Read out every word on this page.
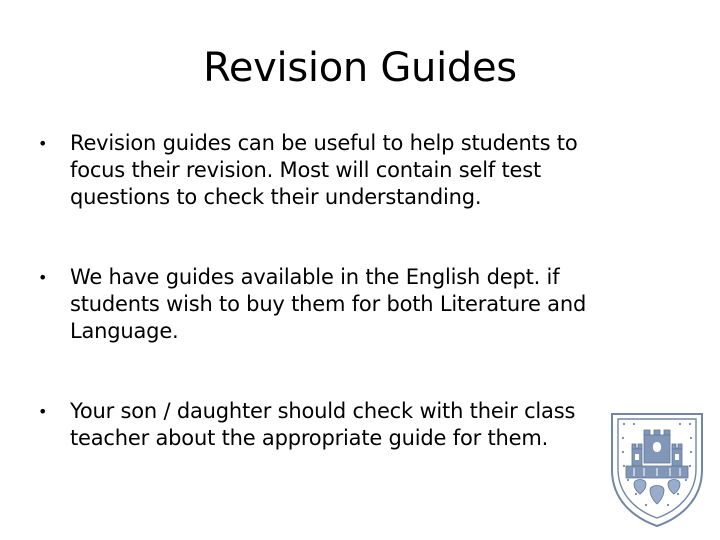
Revision Guides
•	Revision guides can be useful to help students to focus their revision. Most will contain self test questions to check their understanding.
•	We have guides available in the English dept. if students wish to buy them for both Literature and Language.
•	Your son / daughter should check with their class teacher about the appropriate guide for them.
